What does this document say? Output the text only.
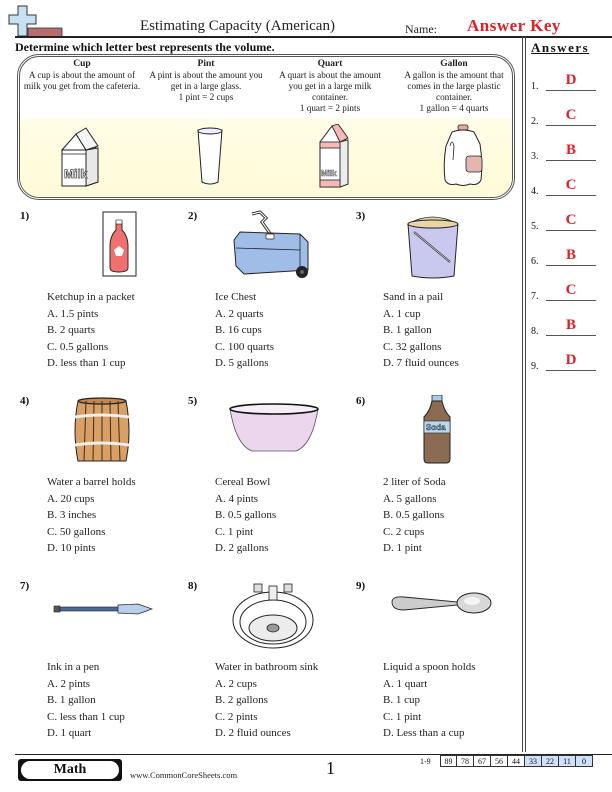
Estimating Capacity (American)	Name: Answer Key
Determine which letter best represents the volume.	Answers
1.	D
2.	C
3.	B
4.	C
5.	C
6.	B
7.	C
8.	B
9.	D
Cup
A cup is about the amount of
milk you get from the cafeteria.
Pint
A pint is about the amount you
get in a large glass.
1 pint = 2 cups
Quart
A quart is about the amount
you get in a large milk
container.
1 quart = 2 pints
Gallon
A gallon is the amount that
comes in the large plastic
container.
1 gallon = 4 quarts
Milk	Milk
1)
Ketchup in a packet
A. 1.5 pints
B. 2 quarts
C. 0.5 gallons
D. less than 1 cup
2)
Ice Chest
A. 2 quarts
B. 16 cups
C. 100 quarts
D. 5 gallons
3)
Sand in a pail
A. 1 cup
B. 1 gallon
C. 32 gallons
D. 7 fluid ounces
4)
Water a barrel holds
A. 20 cups
B. 3 inches
C. 50 gallons
D. 10 pints
5)
Cereal Bowl
A. 4 pints
B. 0.5 gallons
C. 1 pint
D. 2 gallons
6)
Soda
2 liter of Soda
A. 5 gallons
B. 0.5 gallons
C. 2 cups
D. 1 pint
7)
Ink in a pen
A. 2 pints
B. 1 gallon
C. less than 1 cup
D. 1 quart
8)
Water in bathroom sink
A. 2 cups
B. 2 gallons
C. 2 pints
D. 2 fluid ounces
9)
Liquid a spoon holds
A. 1 quart
B. 1 cup
C. 1 pint
D. Less than a cup
Math	www.CommonCoreSheets.com	1	1-9	89	78	67	56	44	33	22	11	0
